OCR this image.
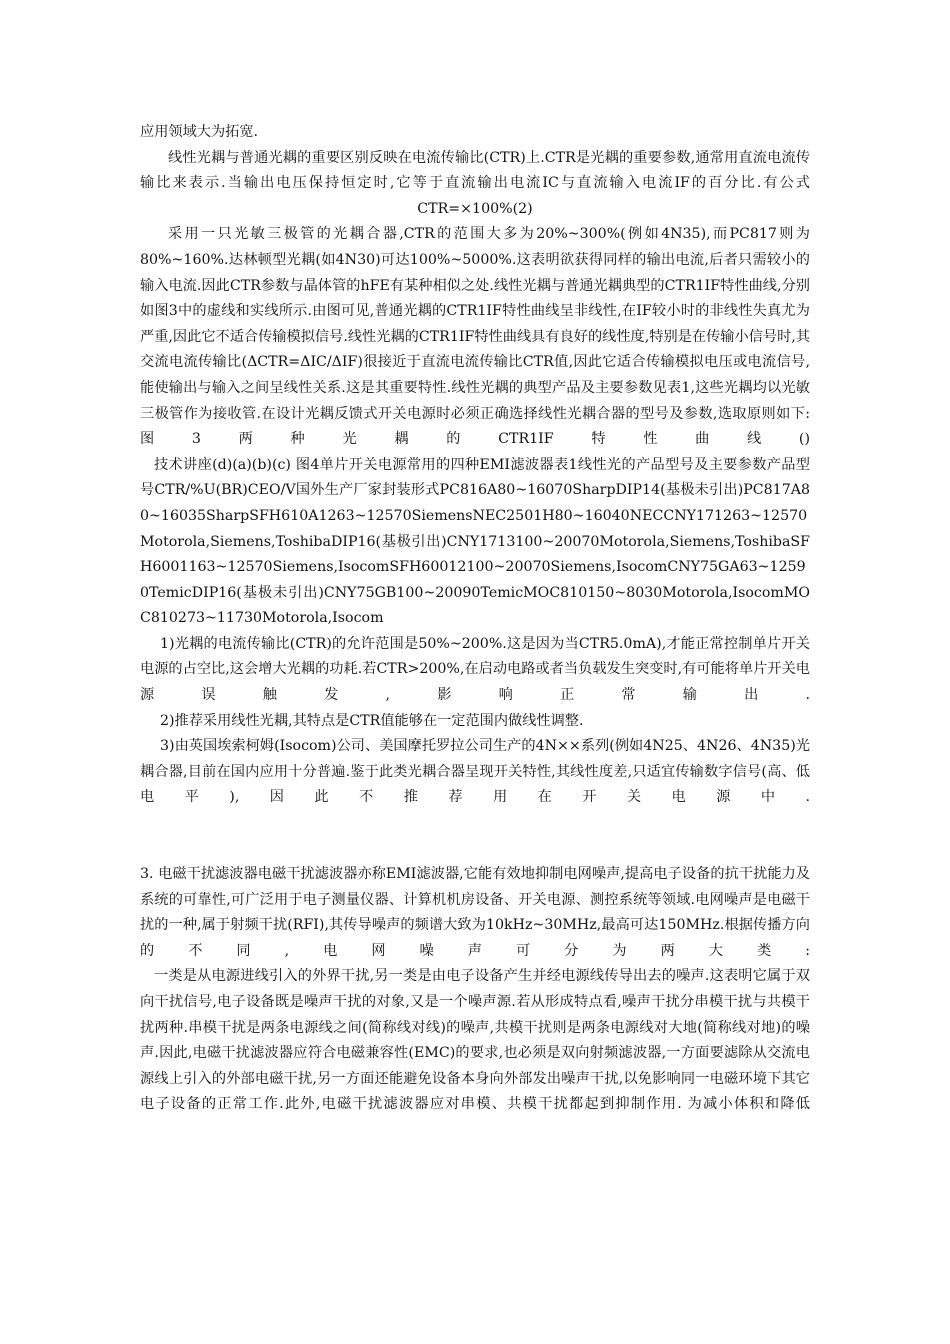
应用领域大为拓宽.

线性光耦与普通光耦的重要区别反映在电流传输比(CTR)上.CTR是光耦的重要参数,通常用直流电流传输比来表示.当输出电压保持恒定时,它等于直流输出电流IC与直流输入电流IF的百分比.有公式

CTR=×100%(2)

采用一只光敏三极管的光耦合器,CTR的范围大多为20%~300%(例如4N35),而PC817则为80%~160%.达林顿型光耦(如4N30)可达100%~5000%.这表明欲获得同样的输出电流,后者只需较小的输入电流.因此CTR参数与晶体管的hFE有某种相似之处.线性光耦与普通光耦典型的CTR1IF特性曲线,分别如图3中的虚线和实线所示.由图可见,普通光耦的CTR1IF特性曲线呈非线性,在IF较小时的非线性失真尤为严重,因此它不适合传输模拟信号.线性光耦的CTR1IF特性曲线具有良好的线性度,特别是在传输小信号时,其交流电流传输比(ΔCTR=ΔIC/ΔIF)很接近于直流电流传输比CTR值,因此它适合传输模拟电压或电流信号,能使输出与输入之间呈线性关系.这是其重要特性.线性光耦的典型产品及主要参数见表1,这些光耦均以光敏三极管作为接收管.在设计光耦反馈式开关电源时必须正确选择线性光耦合器的型号及参数,选取原则如下: 图3两种光耦的CTR1IF特性曲线()

技术讲座(d)(a)(b)(c) 图4单片开关电源常用的四种EMI滤波器表1线性光的产品型号及主要参数产品型号CTR/%U(BR)CEO/V国外生产厂家封装形式PC816A80~16070SharpDIP14(基极未引出)PC817A80~16035SharpSFH610A1263~12570SiemensNEC2501H80~16040NECCNY171263~12570Motorola,Siemens,ToshibaDIP16(基极引出)CNY1713100~20070Motorola,Siemens,ToshibaSFH6001163~12570Siemens,IsocomSFH60012100~20070Siemens,IsocomCNY75GA63~12590TemicDIP16(基极未引出)CNY75GB100~20090TemicMOC810150~8030Motorola,IsocomMOC810273~11730Motorola,Isocom

1)光耦的电流传输比(CTR)的允许范围是50%~200%.这是因为当CTR5.0mA),才能正常控制单片开关电源的占空比,这会增大光耦的功耗.若CTR>200%,在启动电路或者当负载发生突变时,有可能将单片开关电源误触发,影响正常输出.

2)推荐采用线性光耦,其特点是CTR值能够在一定范围内做线性调整.

3)由英国埃索柯姆(Isocom)公司、美国摩托罗拉公司生产的4N××系列(例如4N25、4N26、4N35)光耦合器,目前在国内应用十分普遍.鉴于此类光耦合器呈现开关特性,其线性度差,只适宜传输数字信号(高、低电平),因此不推荐用在开关电源中.

3. 电磁干扰滤波器电磁干扰滤波器亦称EMI滤波器,它能有效地抑制电网噪声,提高电子设备的抗干扰能力及系统的可靠性,可广泛用于电子测量仪器、计算机机房设备、开关电源、测控系统等领域.电网噪声是电磁干扰的一种,属于射频干扰(RFI),其传导噪声的频谱大致为10kHz~30MHz,最高可达150MHz.根据传播方向的不同,电网噪声可分为两大类:

一类是从电源进线引入的外界干扰,另一类是由电子设备产生并经电源线传导出去的噪声.这表明它属于双向干扰信号,电子设备既是噪声干扰的对象,又是一个噪声源.若从形成特点看,噪声干扰分串模干扰与共模干扰两种.串模干扰是两条电源线之间(简称线对线)的噪声,共模干扰则是两条电源线对大地(简称线对地)的噪声.因此,电磁干扰滤波器应符合电磁兼容性(EMC)的要求,也必须是双向射频滤波器,一方面要滤除从交流电源线上引入的外部电磁干扰,另一方面还能避免设备本身向外部发出噪声干扰,以免影响同一电磁环境下其它电子设备的正常工作.此外,电磁干扰滤波器应对串模、共模干扰都起到抑制作用. 为减小体积和降低
